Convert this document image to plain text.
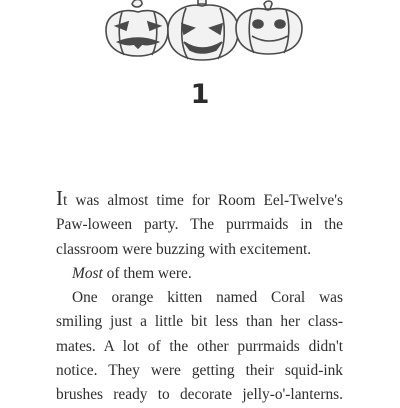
1

It was almost time for Room Eel-Twelve's
Paw-loween party. The purrmaids in the
classroom were buzzing with excitement.

Most of them were.

One orange kitten named Coral was
smiling just a little bit less than her class-
mates. A lot of the other purrmaids didn't
notice. They were getting their squid-ink
brushes ready to decorate jelly-o'-lanterns.
